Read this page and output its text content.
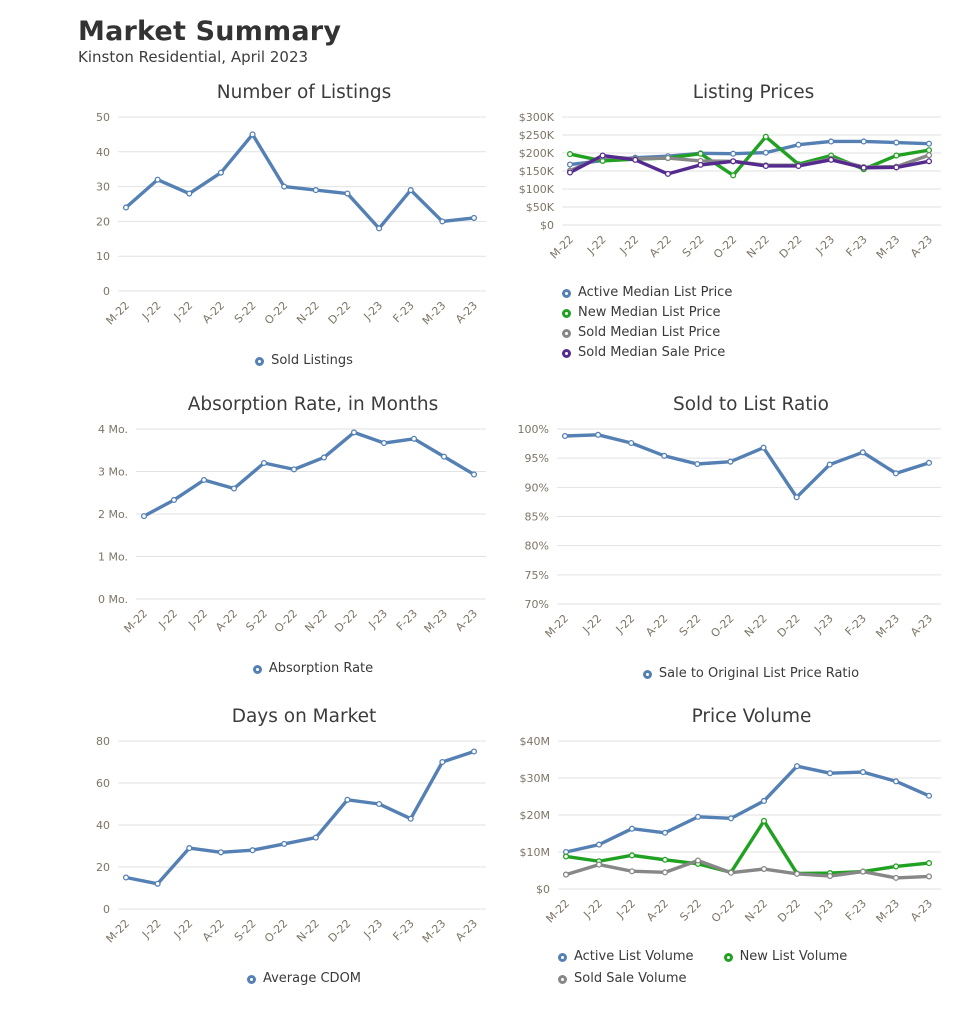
Market Summary
Kinston Residential, April 2023
Number of Listings
0
10
20
30
40
50
M-22 J-22 J-22 A-22 S-22 O-22 N-22 D-22 J-23 F-23 M-23 A-23
Sold Listings
Listing Prices
$0
$50K
$100K
$150K
$200K
$250K
$300K
M-22 J-22 J-22 A-22 S-22 O-22 N-22 D-22 J-23 F-23 M-23 A-23
Active Median List Price
New Median List Price
Sold Median List Price
Sold Median Sale Price
Absorption Rate, in Months
0 Mo.
1 Mo.
2 Mo.
3 Mo.
4 Mo.
M-22 J-22 J-22 A-22 S-22 O-22 N-22 D-22 J-23 F-23 M-23 A-23
Absorption Rate
Sold to List Ratio
70%
75%
80%
85%
90%
95%
100%
M-22 J-22 J-22 A-22 S-22 O-22 N-22 D-22 J-23 F-23 M-23 A-23
Sale to Original List Price Ratio
Days on Market
0
20
40
60
80
M-22 J-22 J-22 A-22 S-22 O-22 N-22 D-22 J-23 F-23 M-23 A-23
Average CDOM
Price Volume
$0
$10M
$20M
$30M
$40M
M-22 J-22 J-22 A-22 S-22 O-22 N-22 D-22 J-23 F-23 M-23 A-23
Active List Volume	New List Volume
Sold Sale Volume
